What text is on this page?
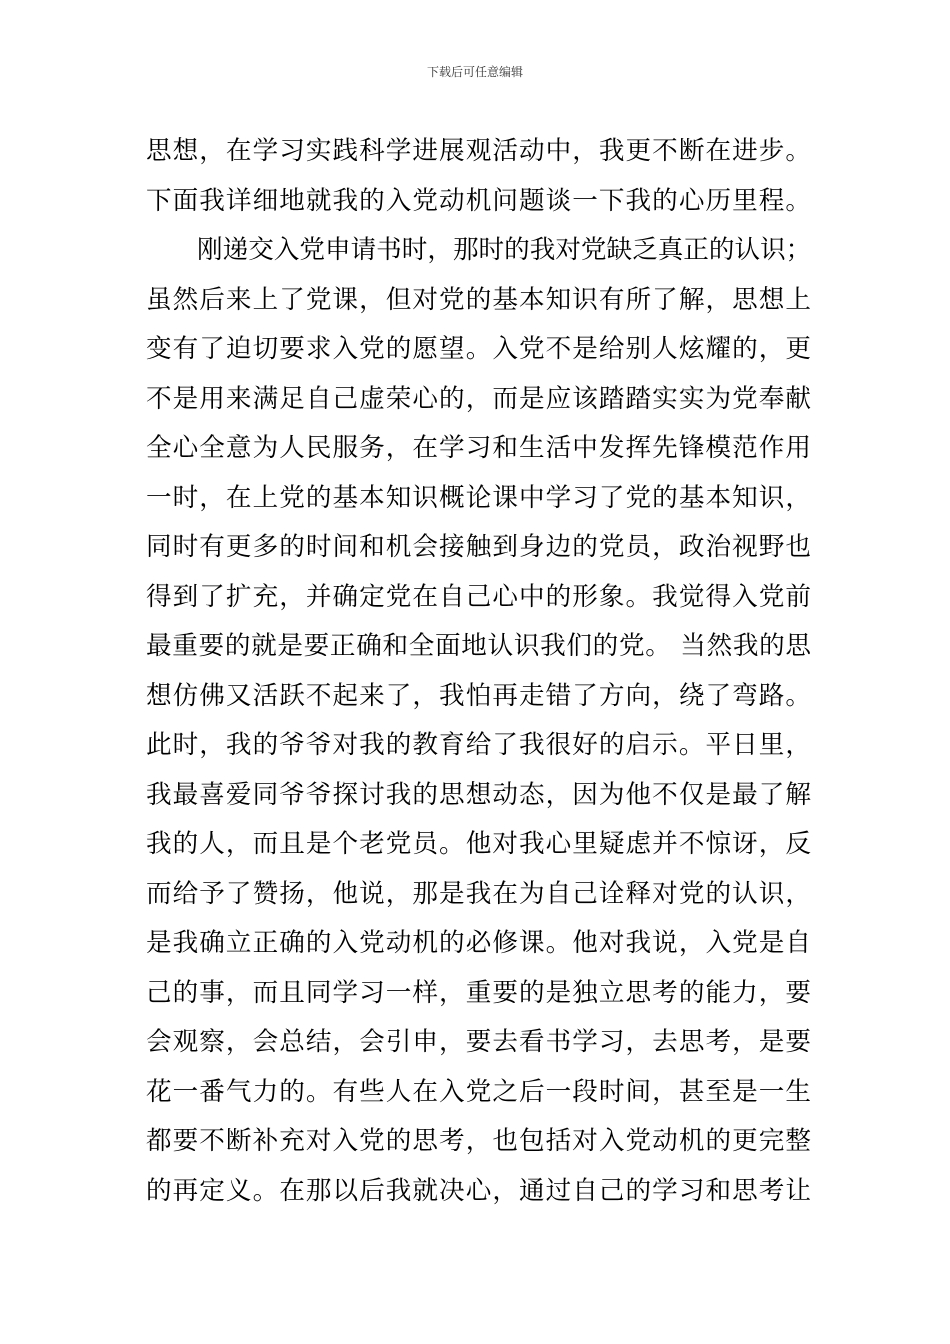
下载后可任意编辑
思想，在学习实践科学进展观活动中，我更不断在进步。
下面我详细地就我的入党动机问题谈一下我的心历里程。
刚递交入党申请书时，那时的我对党缺乏真正的认识；
虽然后来上了党课，但对党的基本知识有所了解，思想上
变有了迫切要求入党的愿望。入党不是给别人炫耀的，更
不是用来满足自己虚荣心的，而是应该踏踏实实为党奉献
全心全意为人民服务，在学习和生活中发挥先锋模范作用
一时，在上党的基本知识概论课中学习了党的基本知识，
同时有更多的时间和机会接触到身边的党员，政治视野也
得到了扩充，并确定党在自己心中的形象。我觉得入党前
最重要的就是要正确和全面地认识我们的党。 当然我的思
想仿佛又活跃不起来了，我怕再走错了方向，绕了弯路。
此时，我的爷爷对我的教育给了我很好的启示。平日里，
我最喜爱同爷爷探讨我的思想动态，因为他不仅是最了解
我的人，而且是个老党员。他对我心里疑虑并不惊讶，反
而给予了赞扬，他说，那是我在为自己诠释对党的认识，
是我确立正确的入党动机的必修课。他对我说，入党是自
己的事，而且同学习一样，重要的是独立思考的能力，要
会观察，会总结，会引申，要去看书学习，去思考，是要
花一番气力的。有些人在入党之后一段时间，甚至是一生
都要不断补充对入党的思考，也包括对入党动机的更完整
的再定义。在那以后我就决心，通过自己的学习和思考让
